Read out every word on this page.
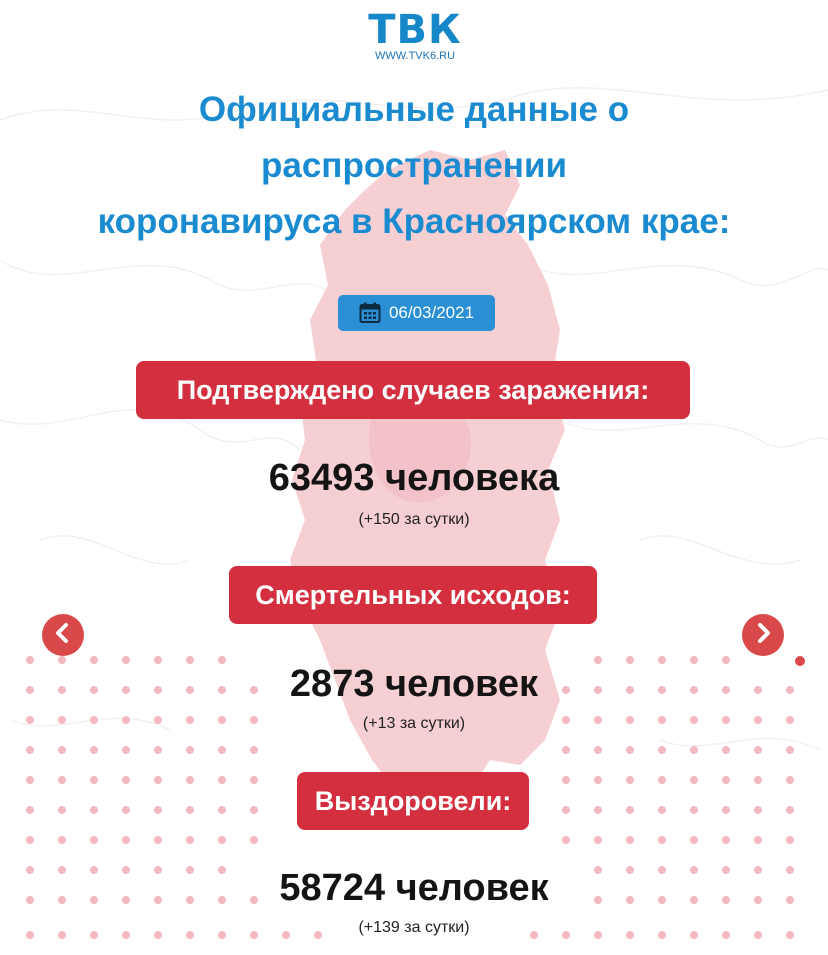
ТВК
WWW.TVK6.RU
Официальные данные о
распространении
коронавируса в Красноярском крае:
06/03/2021
Подтверждено случаев заражения:
63493 человека
(+150 за сутки)
Смертельных исходов:
2873 человек
(+13 за сутки)
Выздоровели:
58724 человек
(+139 за сутки)
